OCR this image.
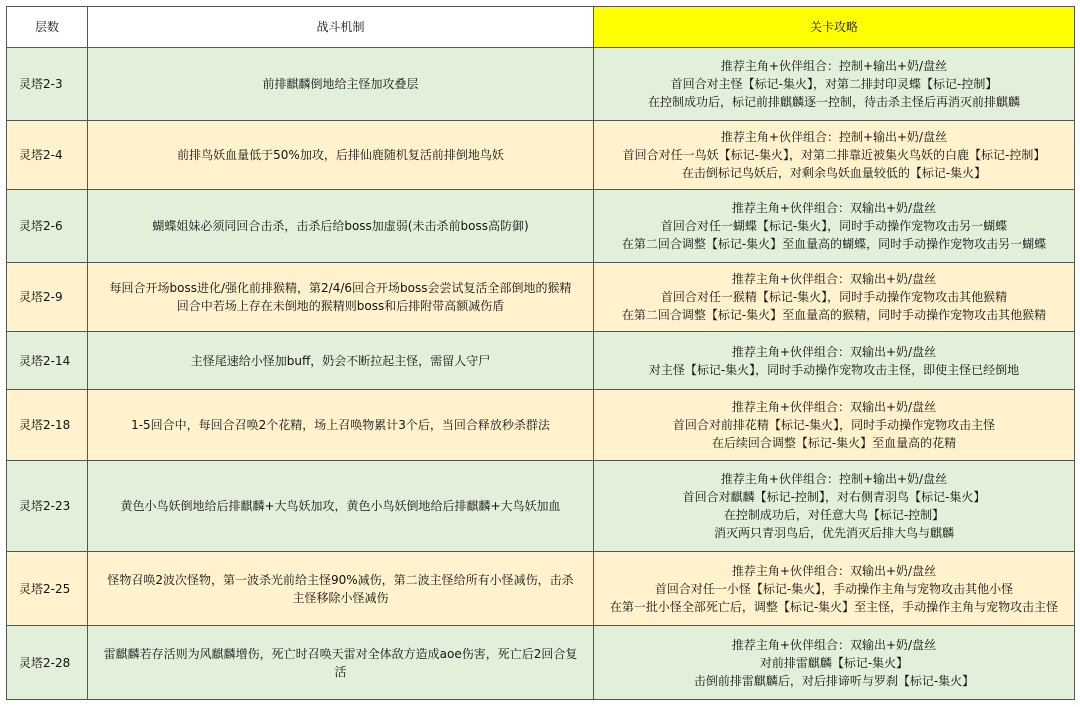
层数	战斗机制	关卡攻略
灵塔2-3	前排麒麟倒地给主怪加攻叠层	推荐主角+伙伴组合：控制+输出+奶/盘丝
首回合对主怪【标记-集火】，对第二排封印灵蝶【标记-控制】
在控制成功后，标记前排麒麟逐一控制，待击杀主怪后再消灭前排麒麟

灵塔2-4	前排鸟妖血量低于50%加攻，后排仙鹿随机复活前排倒地鸟妖	推荐主角+伙伴组合：控制+输出+奶/盘丝
首回合对任一鸟妖【标记-集火】，对第二排靠近被集火鸟妖的白鹿【标记-控制】
在击倒标记鸟妖后，对剩余鸟妖血量较低的【标记-集火】

灵塔2-6	蝴蝶姐妹必须同回合击杀，击杀后给boss加虚弱(未击杀前boss高防御)	推荐主角+伙伴组合：双输出+奶/盘丝
首回合对任一蝴蝶【标记-集火】，同时手动操作宠物攻击另一蝴蝶
在第二回合调整【标记-集火】至血量高的蝴蝶，同时手动操作宠物攻击另一蝴蝶

灵塔2-9	每回合开场boss进化/强化前排猴精，第2/4/6回合开场boss会尝试复活全部倒地的猴精
回合中若场上存在未倒地的猴精则boss和后排附带高额减伤盾	推荐主角+伙伴组合：双输出+奶/盘丝
首回合对任一猴精【标记-集火】，同时手动操作宠物攻击其他猴精
在第二回合调整【标记-集火】至血量高的猴精，同时手动操作宠物攻击其他猴精

灵塔2-14	主怪尾速给小怪加buff，奶会不断拉起主怪，需留人守尸	推荐主角+伙伴组合：双输出+奶/盘丝
对主怪【标记-集火】，同时手动操作宠物攻击主怪，即使主怪已经倒地

灵塔2-18	1-5回合中，每回合召唤2个花精，场上召唤物累计3个后，当回合释放秒杀群法	推荐主角+伙伴组合：双输出+奶/盘丝
首回合对前排花精【标记-集火】，同时手动操作宠物攻击主怪
在后续回合调整【标记-集火】至血量高的花精

灵塔2-23	黄色小鸟妖倒地给后排麒麟+大鸟妖加攻，黄色小鸟妖倒地给后排麒麟+大鸟妖加血	推荐主角+伙伴组合：控制+输出+奶/盘丝
首回合对麒麟【标记-控制】，对右侧青羽鸟【标记-集火】
在控制成功后，对任意大鸟【标记-控制】
消灭两只青羽鸟后，优先消灭后排大鸟与麒麟

灵塔2-25	怪物召唤2波次怪物，第一波杀光前给主怪90%减伤，第二波主怪给所有小怪减伤，击杀主怪移除小怪减伤	推荐主角+伙伴组合：双输出+奶/盘丝
首回合对任一小怪【标记-集火】，手动操作主角与宠物攻击其他小怪
在第一批小怪全部死亡后，调整【标记-集火】至主怪，手动操作主角与宠物攻击主怪

灵塔2-28	雷麒麟若存活则为风麒麟增伤，死亡时召唤天雷对全体敌方造成aoe伤害，死亡后2回合复活	推荐主角+伙伴组合：双输出+奶/盘丝
对前排雷麒麟【标记-集火】
击倒前排雷麒麟后，对后排谛听与罗刹【标记-集火】
